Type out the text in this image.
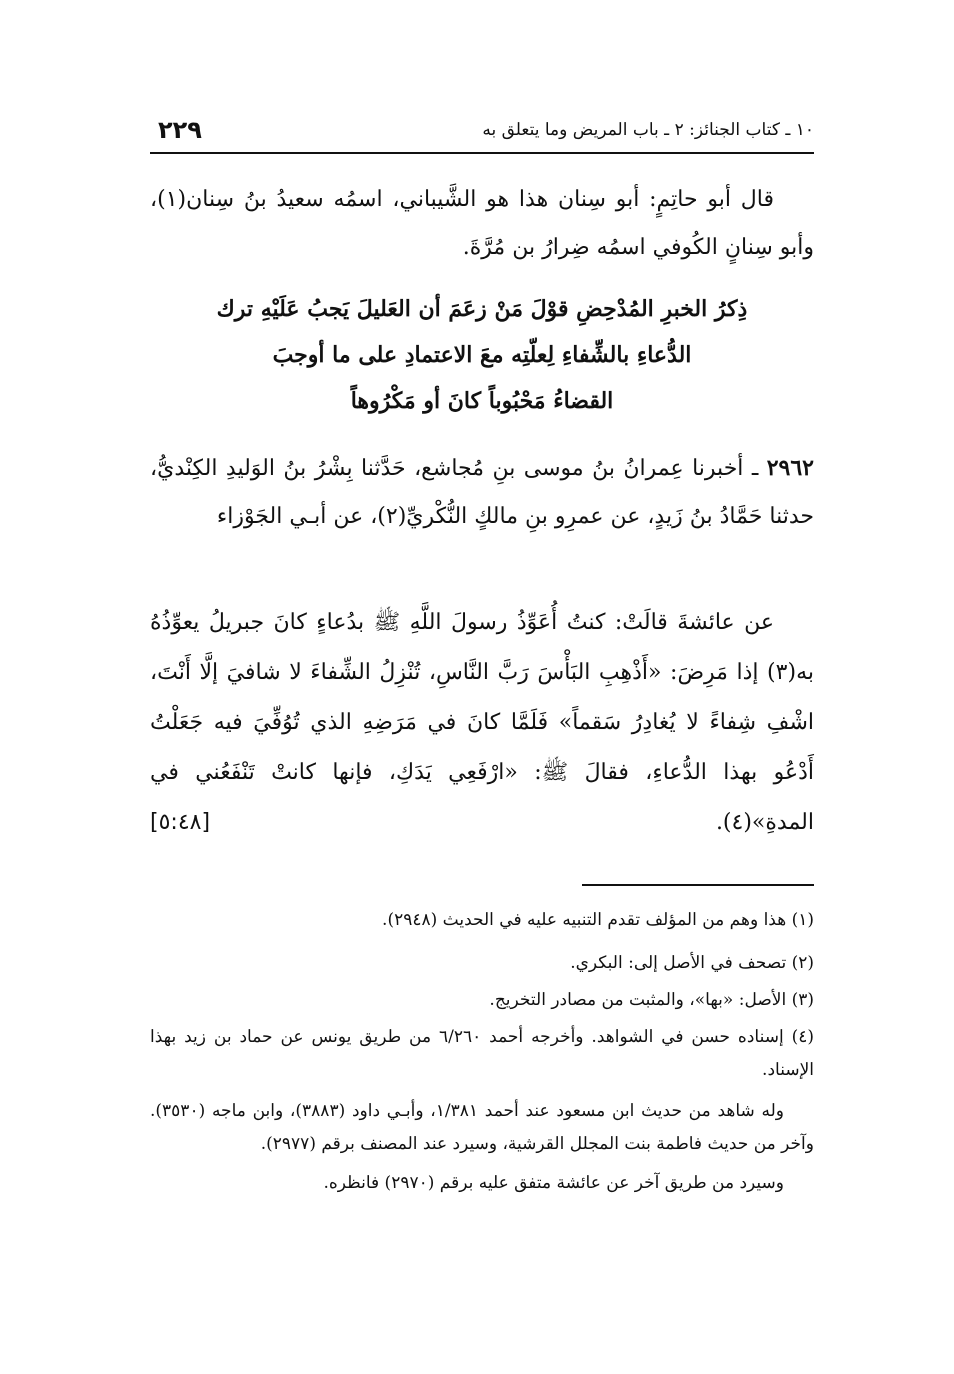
٢٢٩	١٠ ـ كتاب الجنائز: ٢ ـ باب المريض وما يتعلق به
قال أبو حاتِمٍ: أبو سِنان هذا هو الشَّيباني، اسمُه سعيدُ بنُ سِنان(١)، وأبو سِنانٍ الكُوفي اسمُه ضِرارُ بن مُرَّةَ.
ذِكرُ الخبرِ المُدْحِضِ قوْلَ مَنْ زعَمَ أن العَليلَ يَجبُ عَلَيْهِ ترك
الدُّعاءِ بالشِّفاءِ لِعلّتِه معَ الاعتمادِ على ما أوجبَ
القضاءُ مَحْبُوباً كانَ أو مَكْرُوهاً
٢٩٦٢ ـ أخبرنا عِمرانُ بنُ موسى بنِ مُجاشع، حَدَّثنا بِشْرُ بنُ الوَليدِ الكِنْديُّ، حدثنا حَمَّادُ بنُ زَيدٍ، عن عمرِو بنِ مالكٍ النُّكْريِّ(٢)، عن أبـي الجَوْزاء
عن عائشةَ قالَتْ: كنتُ أُعَوِّذُ رسولَ اللَّهِ ﷺ بدُعاءٍ كانَ جبريلُ يعوِّذُهُ به(٣) إذا مَرِضَ: «أَذْهِبِ البَأْسَ رَبَّ النَّاسِ، تُنْزِلُ الشِّفاءَ لا شافيَ إلَّا أَنْتَ، اشْفِ شِفاءً لا يُغادِرُ سَقماً» فَلَمَّا كانَ في مَرَضِهِ الذي تُوُفِّيَ فيه جَعَلْتُ أَدْعُو بهذا الدُّعاءِ، فقالَ ﷺ: «ارْفَعِي يَدَكِ، فإنها كانتْ تَنْفَعُني في المدةِ»(٤).
[٥:٤٨]
(١) هذا وهم من المؤلف تقدم التنبيه عليه في الحديث (٢٩٤٨).
(٢) تصحف في الأصل إلى: البكري.
(٣) الأصل: «بها»، والمثبت من مصادر التخريج.
(٤) إسناده حسن في الشواهد. وأخرجه أحمد ٦/٢٦٠ من طريق يونس عن حماد بن زيد بهذا الإسناد.
وله شاهد من حديث ابن مسعود عند أحمد ١/٣٨١، وأبـي داود (٣٨٨٣)، وابن ماجه (٣٥٣٠). وآخر من حديث فاطمة بنت المجلل القرشية، وسيرد عند المصنف برقم (٢٩٧٧).
وسيرد من طريق آخر عن عائشة متفق عليه برقم (٢٩٧٠) فانظره.
